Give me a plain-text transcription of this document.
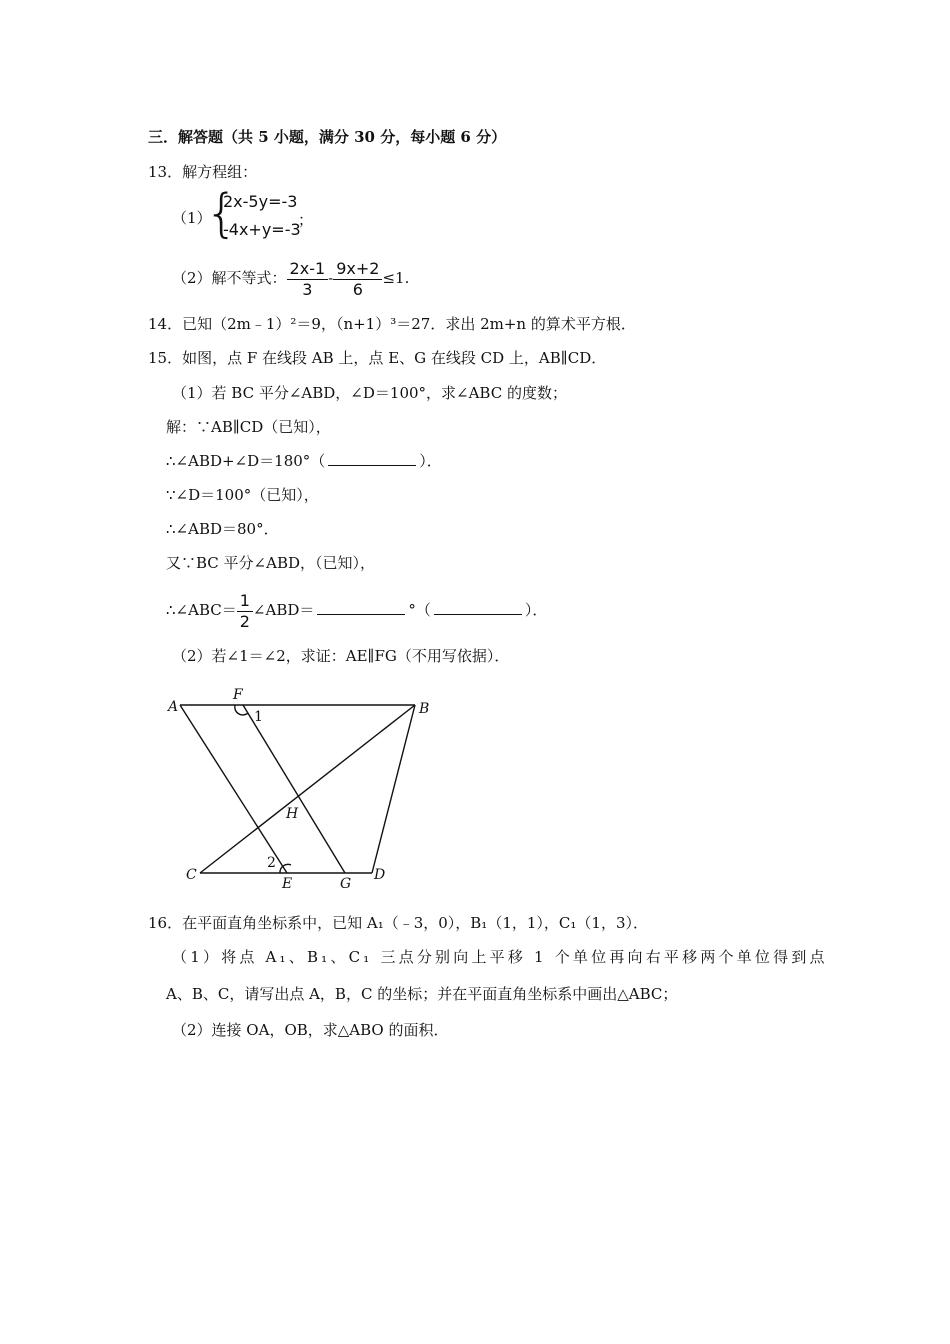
三．解答题（共 5 小题，满分 30 分，每小题 6 分）
13．解方程组：
（1）
{
2x-5y=-3
-4x+y=-3
；
（2）解不等式： $\frac{2x-1}{3} - \frac{9x+2}{6} \le 1$.
14．已知（2m﹣1）²＝9，（n+1）³＝27．求出 2m+n 的算术平方根．
15．如图，点 F 在线段 AB 上，点 E、G 在线段 CD 上，AB∥CD．
（1）若 BC 平分∠ABD，∠D＝100°，求∠ABC 的度数；
解：∵AB∥CD（已知），
∴∠ABD+∠D＝180°（	）．
∵∠D＝100°（已知），
∴∠ABD＝80°．
又∵BC 平分∠ABD，（已知），
∴∠ABC＝ $\frac{1}{2}$ ∠ABD＝	°（	）．
（2）若∠1＝∠2，求证：AE∥FG（不用写依据）．
A
F
1	B
H
2
C
E	G
D
16．在平面直角坐标系中，已知 A₁（﹣3，0），B₁（1，1），C₁（1，3）．
（1）将点 A₁、B₁、C₁ 三点分别向上平移 1 个单位再向右平移两个单位得到点
A、B、C，请写出点 A，B，C 的坐标；并在平面直角坐标系中画出△ABC；
（2）连接 OA，OB，求△ABO 的面积．
